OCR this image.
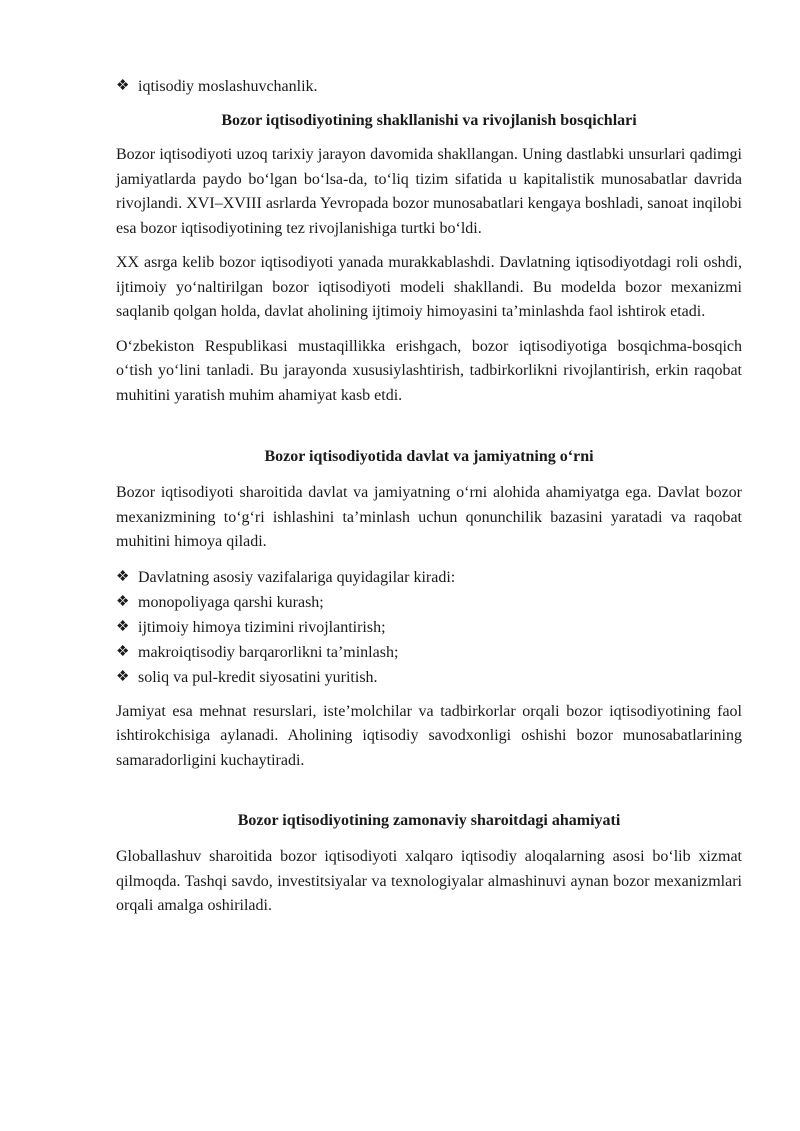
❖ iqtisodiy moslashuvchanlik.

Bozor iqtisodiyotining shakllanishi va rivojlanish bosqichlari

Bozor iqtisodiyoti uzoq tarixiy jarayon davomida shakllangan. Uning dastlabki unsurlari qadimgi jamiyatlarda paydo bo‘lgan bo‘lsa-da, to‘liq tizim sifatida u kapitalistik munosabatlar davrida rivojlandi. XVI–XVIII asrlarda Yevropada bozor munosabatlari kengaya boshladi, sanoat inqilobi esa bozor iqtisodiyotining tez rivojlanishiga turtki bo‘ldi.

XX asrga kelib bozor iqtisodiyoti yanada murakkablashdi. Davlatning iqtisodiyotdagi roli oshdi, ijtimoiy yo‘naltirilgan bozor iqtisodiyoti modeli shakllandi. Bu modelda bozor mexanizmi saqlanib qolgan holda, davlat aholining ijtimoiy himoyasini ta’minlashda faol ishtirok etadi.

O‘zbekiston Respublikasi mustaqillikka erishgach, bozor iqtisodiyotiga bosqichma-bosqich o‘tish yo‘lini tanladi. Bu jarayonda xususiylashtirish, tadbirkorlikni rivojlantirish, erkin raqobat muhitini yaratish muhim ahamiyat kasb etdi.

Bozor iqtisodiyotida davlat va jamiyatning o‘rni

Bozor iqtisodiyoti sharoitida davlat va jamiyatning o‘rni alohida ahamiyatga ega. Davlat bozor mexanizmining to‘g‘ri ishlashini ta’minlash uchun qonunchilik bazasini yaratadi va raqobat muhitini himoya qiladi.

❖ Davlatning asosiy vazifalariga quyidagilar kiradi:
❖ monopoliyaga qarshi kurash;
❖ ijtimoiy himoya tizimini rivojlantirish;
❖ makroiqtisodiy barqarorlikni ta’minlash;
❖ soliq va pul-kredit siyosatini yuritish.

Jamiyat esa mehnat resurslari, iste’molchilar va tadbirkorlar orqali bozor iqtisodiyotining faol ishtirokchisiga aylanadi. Aholining iqtisodiy savodxonligi oshishi bozor munosabatlarining samaradorligini kuchaytiradi.

Bozor iqtisodiyotining zamonaviy sharoitdagi ahamiyati

Globallashuv sharoitida bozor iqtisodiyoti xalqaro iqtisodiy aloqalarning asosi bo‘lib xizmat qilmoqda. Tashqi savdo, investitsiyalar va texnologiyalar almashinuvi aynan bozor mexanizmlari orqali amalga oshiriladi.
